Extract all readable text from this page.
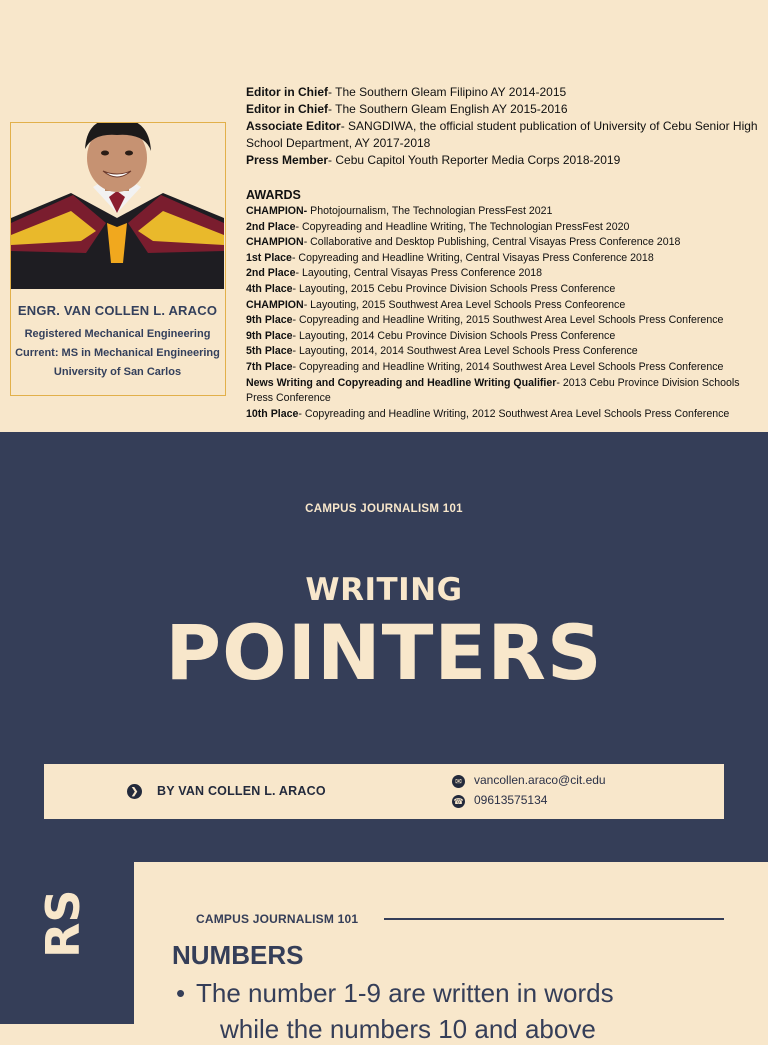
ENGR. VAN COLLEN L. ARACO
Registered Mechanical Engineering
Current: MS in Mechanical Engineering
University of San Carlos

Editor in Chief- The Southern Gleam Filipino AY 2014-2015

Editor in Chief- The Southern Gleam English AY 2015-2016

Associate Editor- SANGDIWA, the official student publication of University of Cebu Senior High School Department, AY 2017-2018

Press Member- Cebu Capitol Youth Reporter Media Corps 2018-2019

AWARDS

CHAMPION- Photojournalism, The Technologian PressFest 2021

2nd Place- Copyreading and Headline Writing, The Technologian PressFest 2020

CHAMPION- Collaborative and Desktop Publishing, Central Visayas Press Conference 2018

1st Place- Copyreading and Headline Writing, Central Visayas Press Conference 2018

2nd Place- Layouting, Central Visayas Press Conference 2018

4th Place- Layouting, 2015 Cebu Province Division Schools Press Conference

CHAMPION- Layouting, 2015 Southwest Area Level Schools Press Confeorence

9th Place- Copyreading and Headline Writing, 2015 Southwest Area Level Schools Press Conference

9th Place- Layouting, 2014 Cebu Province Division Schools Press Conference

5th Place- Layouting, 2014, 2014 Southwest Area Level Schools Press Conference

7th Place- Copyreading and Headline Writing, 2014 Southwest Area Level Schools Press Conference

News Writing and Copyreading and Headline Writing Qualifier- 2013 Cebu Province Division Schools Press Conference

10th Place- Copyreading and Headline Writing, 2012 Southwest Area Level Schools Press Conference

CAMPUS JOURNALISM 101
WRITING
POINTERS
❯ BY VAN COLLEN L. ARACO
✉ vancollen.araco@cit.edu
☎ 09613575134
RS	CAMPUS JOURNALISM 101
NUMBERS
• The number 1-9 are written in words
while the numbers 10 and above
